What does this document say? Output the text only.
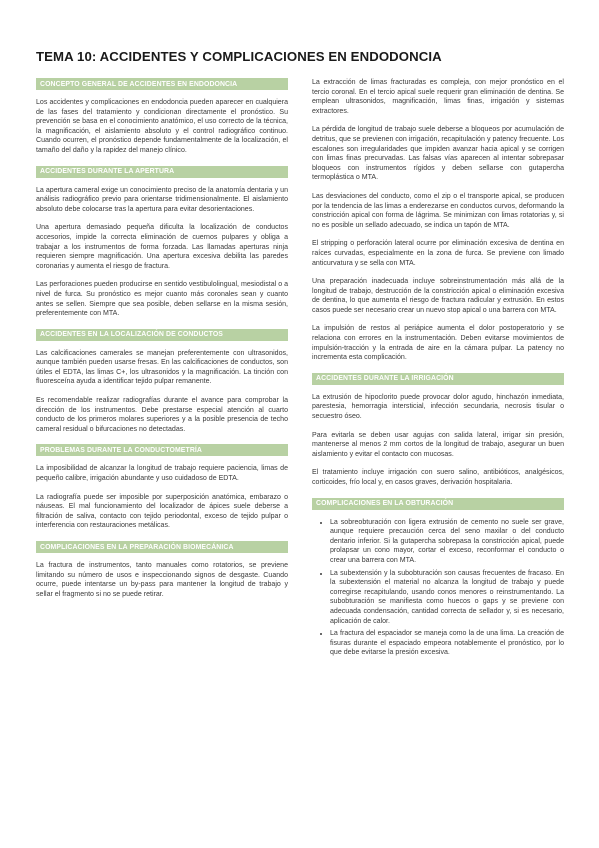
TEMA 10: ACCIDENTES Y COMPLICACIONES EN ENDODONCIA
CONCEPTO GENERAL DE ACCIDENTES EN ENDODONCIA

Los accidentes y complicaciones en endodoncia pueden aparecer en cualquiera de las fases del tratamiento y condicionan directamente el pronóstico. Su prevención se basa en el conocimiento anatómico, el uso correcto de la técnica, la magnificación, el aislamiento absoluto y el control radiográfico continuo. Cuando ocurren, el pronóstico depende fundamentalmente de la localización, el tamaño del daño y la rapidez del manejo clínico.

ACCIDENTES DURANTE LA APERTURA

La apertura cameral exige un conocimiento preciso de la anatomía dentaria y un análisis radiográfico previo para orientarse tridimensionalmente. El aislamiento absoluto debe colocarse tras la apertura para evitar desorientaciones.

Una apertura demasiado pequeña dificulta la localización de conductos accesorios, impide la correcta eliminación de cuernos pulpares y obliga a trabajar a los instrumentos de forma forzada. Las llamadas aperturas ninja requieren siempre magnificación. Una apertura excesiva debilita las paredes coronarias y aumenta el riesgo de fractura.

Las perforaciones pueden producirse en sentido vestibulolingual, mesiodistal o a nivel de furca. Su pronóstico es mejor cuanto más coronales sean y cuanto antes se sellen. Siempre que sea posible, deben sellarse en la misma sesión, preferentemente con MTA.

ACCIDENTES EN LA LOCALIZACIÓN DE CONDUCTOS

Las calcificaciones camerales se manejan preferentemente con ultrasonidos, aunque también pueden usarse fresas. En las calcificaciones de conductos, son útiles el EDTA, las limas C+, los ultrasonidos y la magnificación. La tinción con fluoresceína ayuda a identificar tejido pulpar remanente.

Es recomendable realizar radiografías durante el avance para comprobar la dirección de los instrumentos. Debe prestarse especial atención al cuarto conducto de los primeros molares superiores y a la posible presencia de techo cameral residual o bifurcaciones no detectadas.

PROBLEMAS DURANTE LA CONDUCTOMETRÍA

La imposibilidad de alcanzar la longitud de trabajo requiere paciencia, limas de pequeño calibre, irrigación abundante y uso cuidadoso de EDTA.

La radiografía puede ser imposible por superposición anatómica, embarazo o náuseas. El mal funcionamiento del localizador de ápices suele deberse a filtración de saliva, contacto con tejido periodontal, exceso de tejido pulpar o interferencia con restauraciones metálicas.

COMPLICACIONES EN LA PREPARACIÓN BIOMECÁNICA

La fractura de instrumentos, tanto manuales como rotatorios, se previene limitando su número de usos e inspeccionando signos de desgaste. Cuando ocurre, puede intentarse un by-pass para mantener la longitud de trabajo y sellar el fragmento si no se puede retirar.

La extracción de limas fracturadas es compleja, con mejor pronóstico en el tercio coronal. En el tercio apical suele requerir gran eliminación de dentina. Se emplean ultrasonidos, magnificación, limas finas, irrigación y sistemas extractores.

La pérdida de longitud de trabajo suele deberse a bloqueos por acumulación de detritus, que se previenen con irrigación, recapitulación y patency frecuente. Los escalones son irregularidades que impiden avanzar hacia apical y se corrigen con limas finas precurvadas. Las falsas vías aparecen al intentar sobrepasar bloqueos con instrumentos rígidos y deben sellarse con gutapercha termoplástica o MTA.

Las desviaciones del conducto, como el zip o el transporte apical, se producen por la tendencia de las limas a enderezarse en conductos curvos, deformando la constricción apical con forma de lágrima. Se minimizan con limas rotatorias y, si no es posible un sellado adecuado, se indica un tapón de MTA.

El stripping o perforación lateral ocurre por eliminación excesiva de dentina en raíces curvadas, especialmente en la zona de furca. Se previene con limado anticurvatura y se sella con MTA.

Una preparación inadecuada incluye sobreinstrumentación más allá de la longitud de trabajo, destrucción de la constricción apical o eliminación excesiva de dentina, lo que aumenta el riesgo de fractura radicular y extrusión. En estos casos puede ser necesario crear un nuevo stop apical o una barrera con MTA.

La impulsión de restos al periápice aumenta el dolor postoperatorio y se relaciona con errores en la instrumentación. Deben evitarse movimientos de impulsión-tracción y la entrada de aire en la cámara pulpar. La patency no incrementa esta complicación.

ACCIDENTES DURANTE LA IRRIGACIÓN

La extrusión de hipoclorito puede provocar dolor agudo, hinchazón inmediata, parestesia, hemorragia intersticial, infección secundaria, necrosis tisular o secuestro óseo.

Para evitarla se deben usar agujas con salida lateral, irrigar sin presión, mantenerse al menos 2 mm cortos de la longitud de trabajo, asegurar un buen aislamiento y evitar el contacto con mucosas.

El tratamiento incluye irrigación con suero salino, antibióticos, analgésicos, corticoides, frío local y, en casos graves, derivación hospitalaria.

COMPLICACIONES EN LA OBTURACIÓN
• La sobreobturación con ligera extrusión de cemento no suele ser grave, aunque requiere precaución cerca del seno maxilar o del conducto dentario inferior. Si la gutapercha sobrepasa la constricción apical, puede prolapsar un cono mayor, cortar el exceso, reconformar el conducto o crear una barrera con MTA.
• La subextensión y la subobturación son causas frecuentes de fracaso. En la subextensión el material no alcanza la longitud de trabajo y puede corregirse recapitulando, usando conos menores o reinstrumentando. La subobturación se manifiesta como huecos o gaps y se previene con adecuada condensación, cantidad correcta de sellador y, si es necesario, aplicación de calor.
• La fractura del espaciador se maneja como la de una lima. La creación de fisuras durante el espaciado empeora notablemente el pronóstico, por lo que debe evitarse la presión excesiva.
